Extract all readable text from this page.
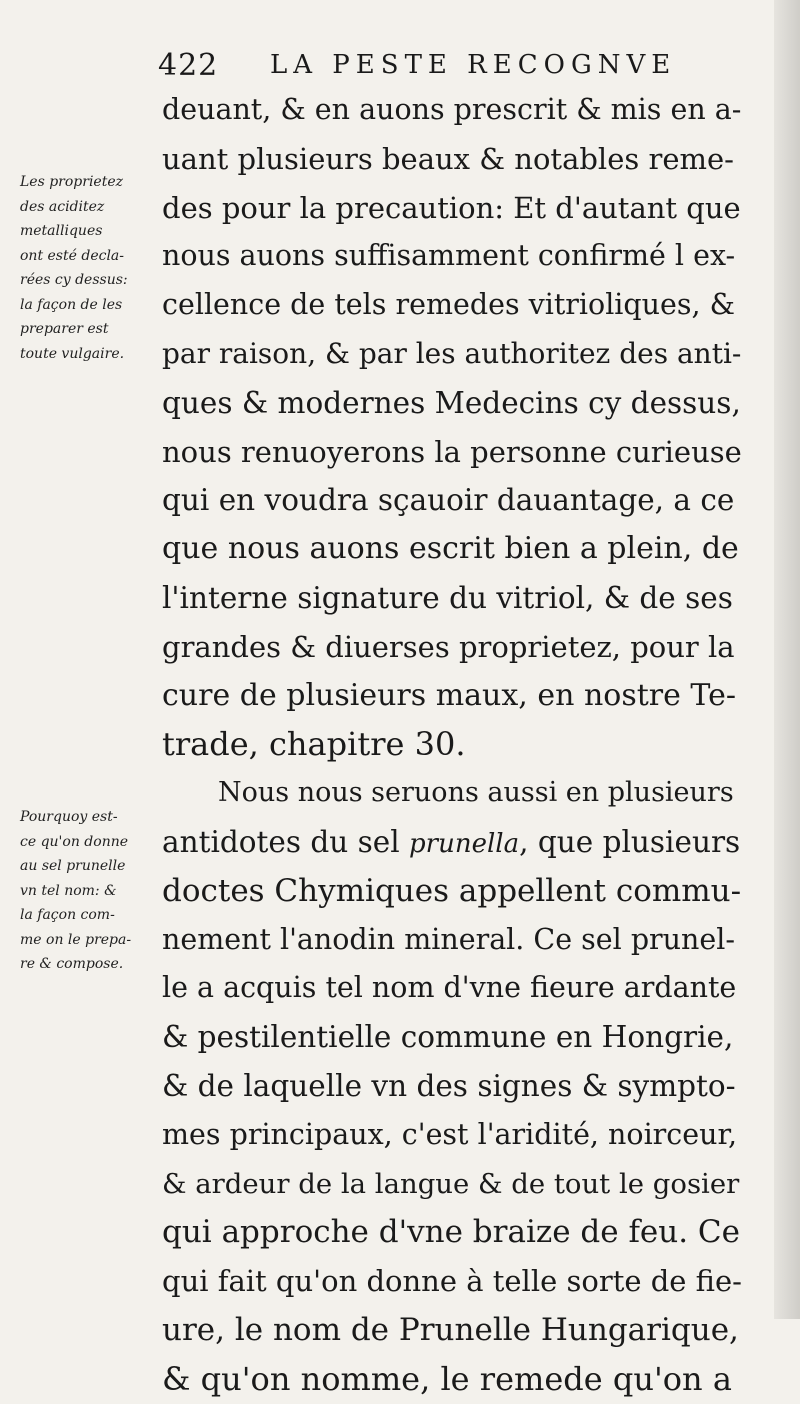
422 LA PESTE RECOGNVE
Les proprietez
des aciditez
metalliques
ont esté decla-
rées cy dessus:
la façon de les
preparer est
toute vulgaire.
Pourquoy est-
ce qu'on donne
au sel prunelle
vn tel nom: &
la façon com-
me on le prepa-
re & compose.
deuant, & en auons prescrit & mis en a-
uant plusieurs beaux & notables reme-
des pour la precaution: Et d'autant que
nous auons suffisamment confirmé l ex-
cellence de tels remedes vitrioliques, &
par raison, & par les authoritez des anti-
ques & modernes Medecins cy dessus,
nous renuoyerons la personne curieuse
qui en voudra sçauoir dauantage, a ce
que nous auons escrit bien a plein, de
l'interne signature du vitriol, & de ses
grandes & diuerses proprietez, pour la
cure de plusieurs maux, en nostre Te-
trade, chapitre 30.
Nous nous seruons aussi en plusieurs
antidotes du sel prunella, que plusieurs
doctes Chymiques appellent commu-
nement l'anodin mineral. Ce sel prunel-
le a acquis tel nom d'vne fieure ardante
& pestilentielle commune en Hongrie,
& de laquelle vn des signes & sympto-
mes principaux, c'est l'aridité, noirceur,
& ardeur de la langue & de tout le gosier
qui approche d'vne braize de feu. Ce
qui fait qu'on donne à telle sorte de fie-
ure, le nom de Prunelle Hungarique,
& qu'on nomme, le remede qu'on a
